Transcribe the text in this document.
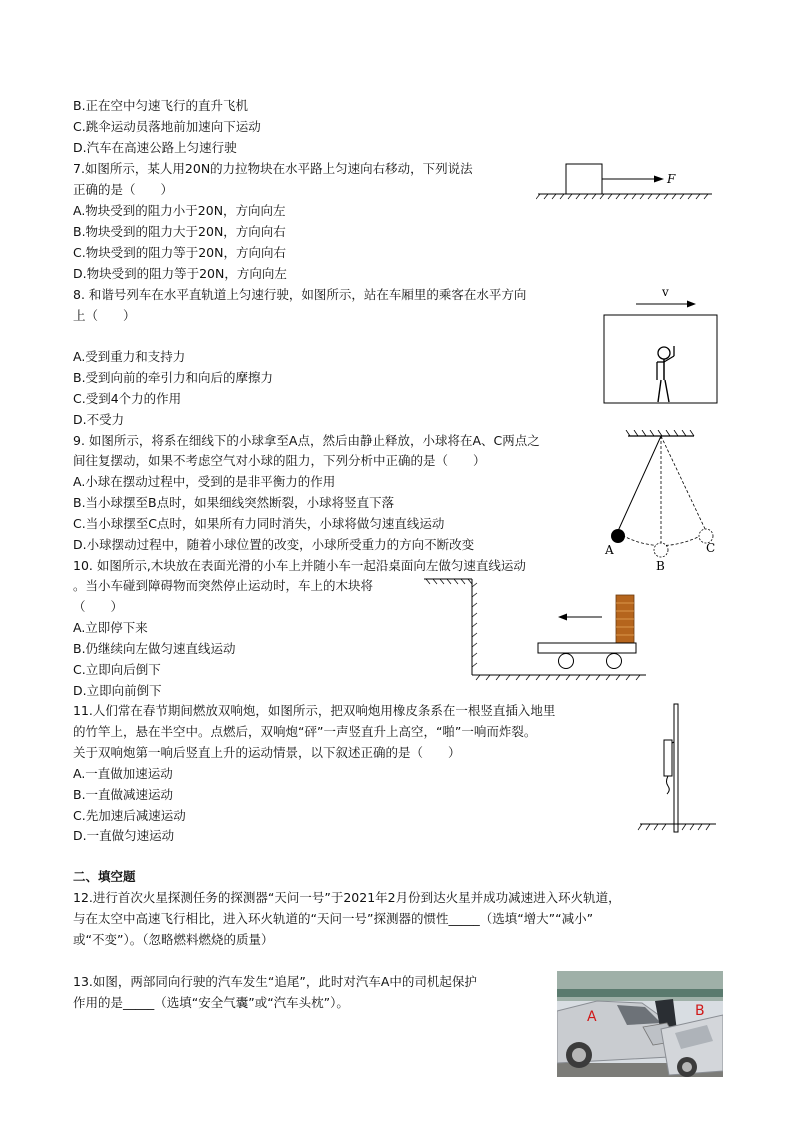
B.正在空中匀速飞行的直升飞机
C.跳伞运动员落地前加速向下运动
D.汽车在高速公路上匀速行驶
7.如图所示，某人用20N的力拉物块在水平路上匀速向右移动，下列说法
正确的是（　　）
A.物块受到的阻力小于20N，方向向左
B.物块受到的阻力大于20N，方向向右
C.物块受到的阻力等于20N，方向向右
D.物块受到的阻力等于20N，方向向左
8. 和谐号列车在水平直轨道上匀速行驶，如图所示，站在车厢里的乘客在水平方向
上（　　）
A.受到重力和支持力
B.受到向前的牵引力和向后的摩擦力
C.受到4个力的作用
D.不受力
9. 如图所示，将系在细线下的小球拿至A点，然后由静止释放，小球将在A、C两点之
间往复摆动，如果不考虑空气对小球的阻力，下列分析中正确的是（　　）
A.小球在摆动过程中，受到的是非平衡力的作用
B.当小球摆至B点时，如果细线突然断裂，小球将竖直下落
C.当小球摆至C点时，如果所有力同时消失，小球将做匀速直线运动
D.小球摆动过程中，随着小球位置的改变，小球所受重力的方向不断改变
10. 如图所示,木块放在表面光滑的小车上并随小车一起沿桌面向左做匀速直线运动
。当小车碰到障碍物而突然停止运动时，车上的木块将
（　　）
A.立即停下来
B.仍继续向左做匀速直线运动
C.立即向后倒下
D.立即向前倒下
11.人们常在春节期间燃放双响炮，如图所示，把双响炮用橡皮条系在一根竖直插入地里
的竹竿上，悬在半空中。点燃后，双响炮“砰”一声竖直升上高空，“啪”一响而炸裂。
关于双响炮第一响后竖直上升的运动情景，以下叙述正确的是（　　）
A.一直做加速运动
B.一直做减速运动
C.先加速后减速运动
D.一直做匀速运动
二、填空题
12.进行首次火星探测任务的探测器“天问一号”于2021年2月份到达火星并成功减速进入环火轨道，
与在太空中高速飞行相比，进入环火轨道的“天问一号”探测器的惯性_____（选填“增大”“减小”
或“不变”）。（忽略燃料燃烧的质量）
13.如图，两部同向行驶的汽车发生“追尾”，此时对汽车A中的司机起保护
作用的是_____（选填“安全气囊”或“汽车头枕”）。
F
v
A
B
C
A	B
